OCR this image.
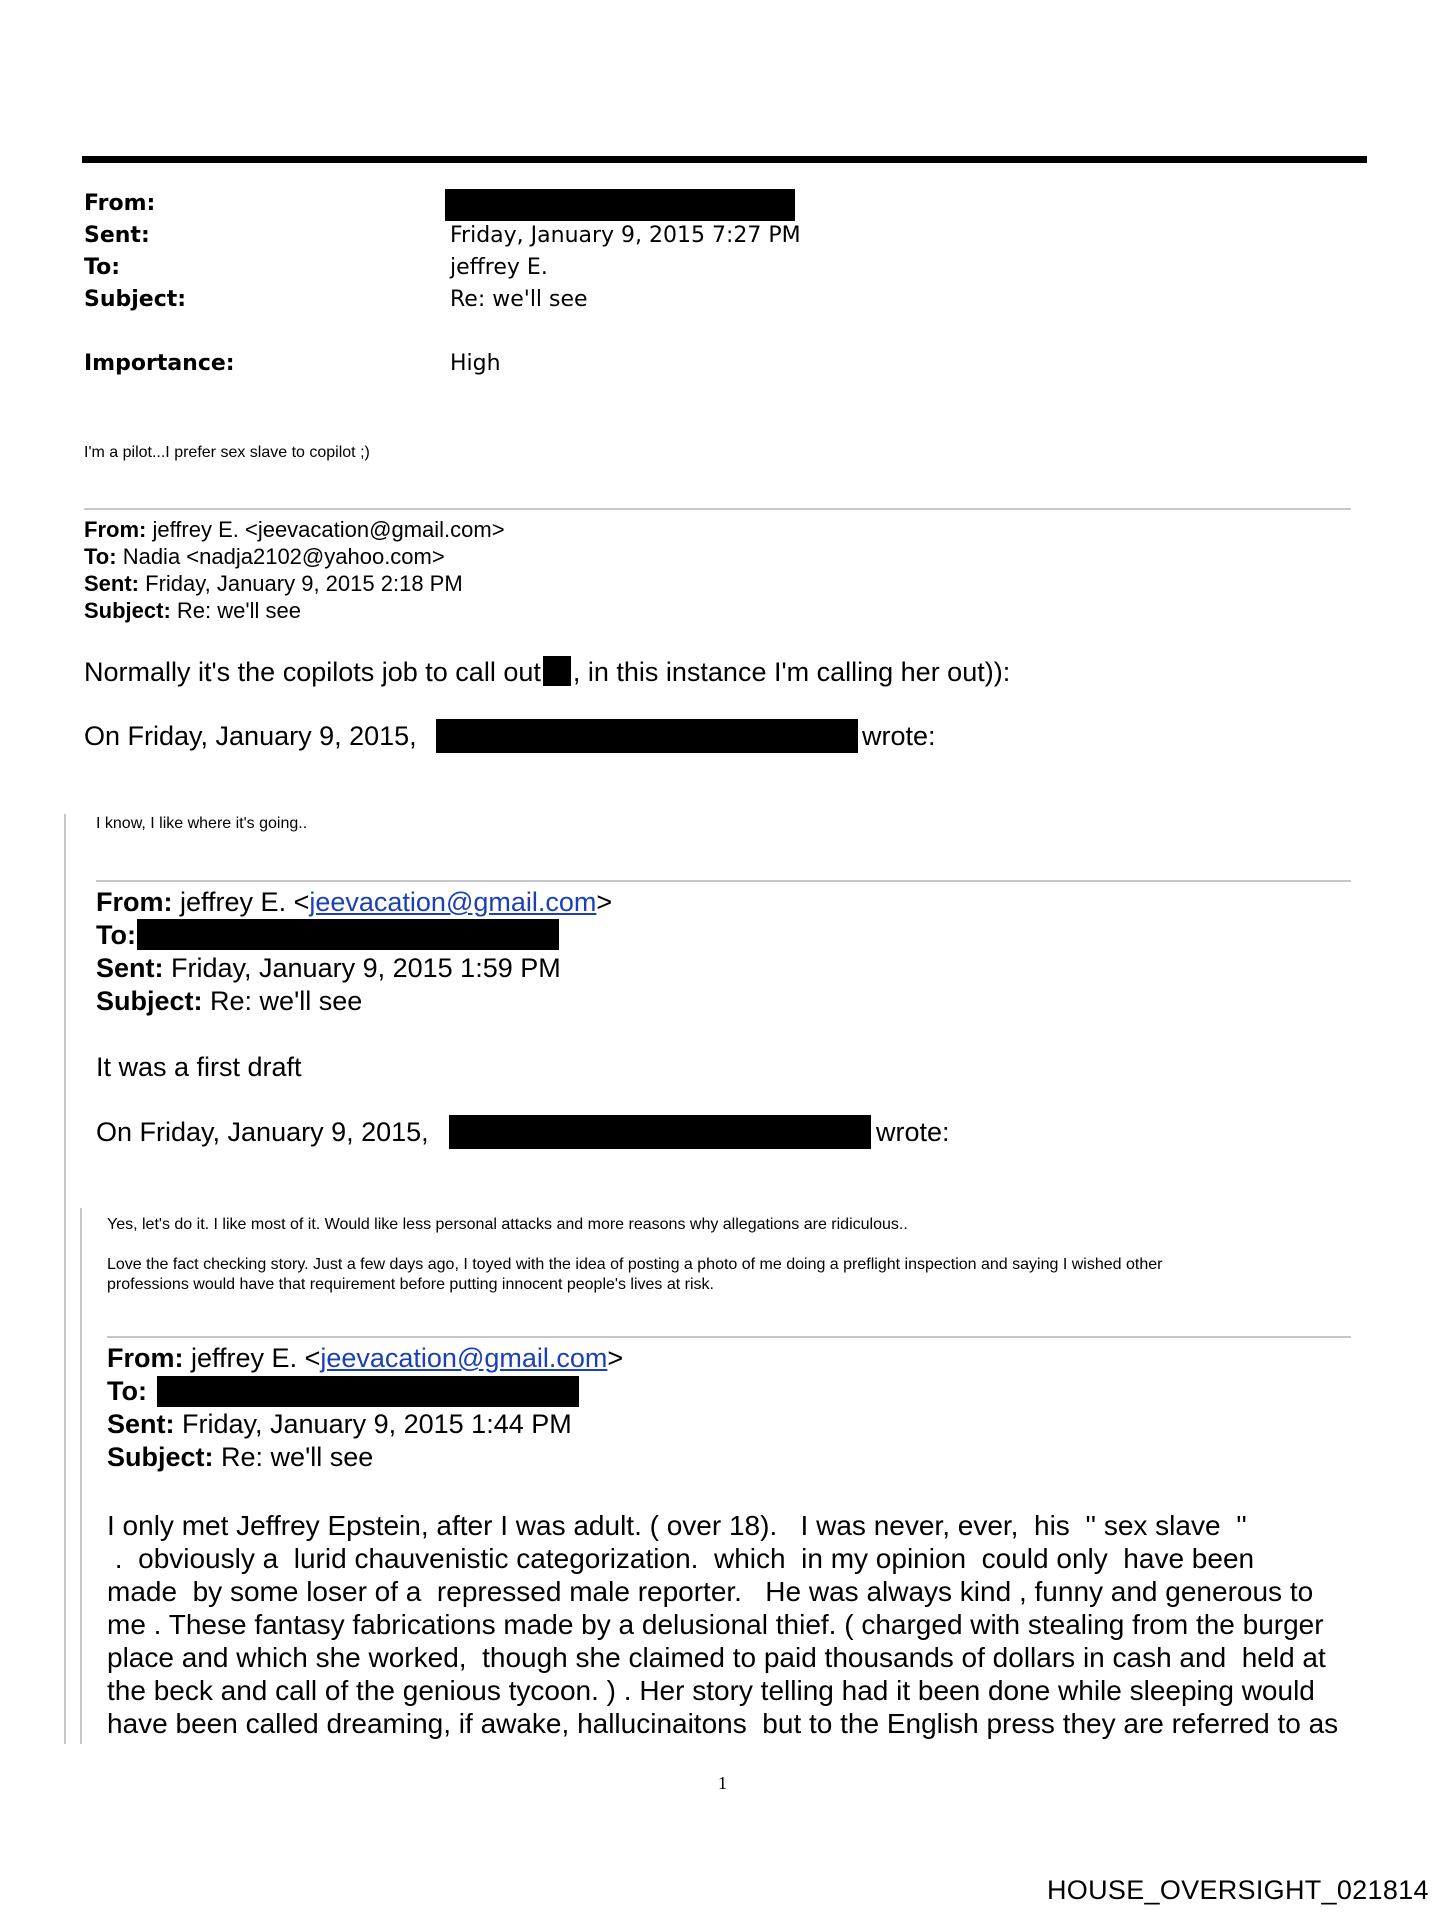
From:
Sent:	Friday, January 9, 2015 7:27 PM
To:	jeffrey E.
Subject:	Re: we'll see
Importance:	High
I'm a pilot...I prefer sex slave to copilot ;)
From: jeffrey E. <jeevacation@gmail.com>
To: Nadia <nadja2102@yahoo.com>
Sent: Friday, January 9, 2015 2:18 PM
Subject: Re: we'll see
Normally it's the copilots job to call out , in this instance I'm calling her out)):
On Friday, January 9, 2015,	wrote:
I know, I like where it's going..
From: jeffrey E. <jeevacation@gmail.com>
To:
Sent: Friday, January 9, 2015 1:59 PM
Subject: Re: we'll see
It was a first draft
On Friday, January 9, 2015,	wrote:
Yes, let's do it. I like most of it. Would like less personal attacks and more reasons why allegations are ridiculous..
Love the fact checking story. Just a few days ago, I toyed with the idea of posting a photo of me doing a preflight inspection and saying I wished other
professions would have that requirement before putting innocent people's lives at risk.
From: jeffrey E. <jeevacation@gmail.com>
To:
Sent: Friday, January 9, 2015 1:44 PM
Subject: Re: we'll see
I only met Jeffrey Epstein, after I was adult. ( over 18).   I was never, ever,  his  '' sex slave  ''
.  obviously a  lurid chauvenistic categorization.  which  in my opinion  could only  have been
made  by some loser of a  repressed male reporter.   He was always kind , funny and generous to
me . These fantasy fabrications made by a delusional thief. ( charged with stealing from the burger
place and which she worked,  though she claimed to paid thousands of dollars in cash and  held at
the beck and call of the genious tycoon. ) . Her story telling had it been done while sleeping would
have been called dreaming, if awake, hallucinaitons  but to the English press they are referred to as
1
HOUSE_OVERSIGHT_021814
